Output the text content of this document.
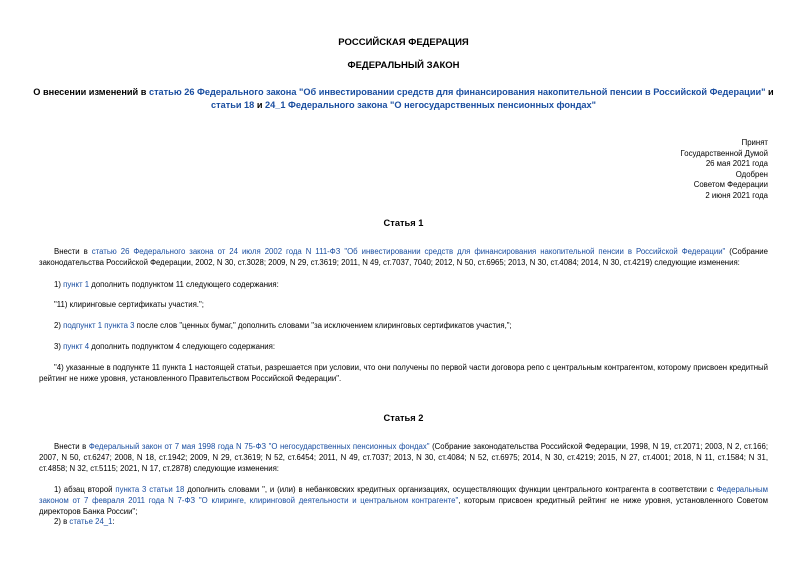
РОССИЙСКАЯ ФЕДЕРАЦИЯ
ФЕДЕРАЛЬНЫЙ ЗАКОН
О внесении изменений в статью 26 Федерального закона "Об инвестировании средств для финансирования накопительной пенсии в Российской Федерации" и
статьи 18 и 24_1 Федерального закона "О негосударственных пенсионных фондах"
Принят
Государственной Думой
26 мая 2021 года
Одобрен
Советом Федерации
2 июня 2021 года
Статья 1
Внести в статью 26 Федерального закона от 24 июля 2002 года N 111-ФЗ "Об инвестировании средств для финансирования накопительной пенсии в Российской Федерации" (Собрание законодательства Российской Федерации, 2002, N 30, ст.3028; 2009, N 29, ст.3619; 2011, N 49, ст.7037, 7040; 2012, N 50, ст.6965; 2013, N 30, ст.4084; 2014, N 30, ст.4219) следующие изменения:
1) пункт 1 дополнить подпунктом 11 следующего содержания:
"11) клиринговые сертификаты участия.";
2) подпункт 1 пункта 3 после слов "ценных бумаг," дополнить словами "за исключением клиринговых сертификатов участия,";
3) пункт 4 дополнить подпунктом 4 следующего содержания:
"4) указанные в подпункте 11 пункта 1 настоящей статьи, разрешается при условии, что они получены по первой части договора репо с центральным контрагентом, которому присвоен кредитный рейтинг не ниже уровня, установленного Правительством Российской Федерации".
Статья 2
Внести в Федеральный закон от 7 мая 1998 года N 75-ФЗ "О негосударственных пенсионных фондах" (Собрание законодательства Российской Федерации, 1998, N 19, ст.2071; 2003, N 2, ст.166; 2007, N 50, ст.6247; 2008, N 18, ст.1942; 2009, N 29, ст.3619; N 52, ст.6454; 2011, N 49, ст.7037; 2013, N 30, ст.4084; N 52, ст.6975; 2014, N 30, ст.4219; 2015, N 27, ст.4001; 2018, N 11, ст.1584; N 31, ст.4858; N 32, ст.5115; 2021, N 17, ст.2878) следующие изменения:
1) абзац второй пункта 3 статьи 18 дополнить словами ", и (или) в небанковских кредитных организациях, осуществляющих функции центрального контрагента в соответствии с Федеральным законом от 7 февраля 2011 года N 7-ФЗ "О клиринге, клиринговой деятельности и центральном контрагенте", которым присвоен кредитный рейтинг не ниже уровня, установленного Советом директоров Банка России";
2) в статье 24_1:
